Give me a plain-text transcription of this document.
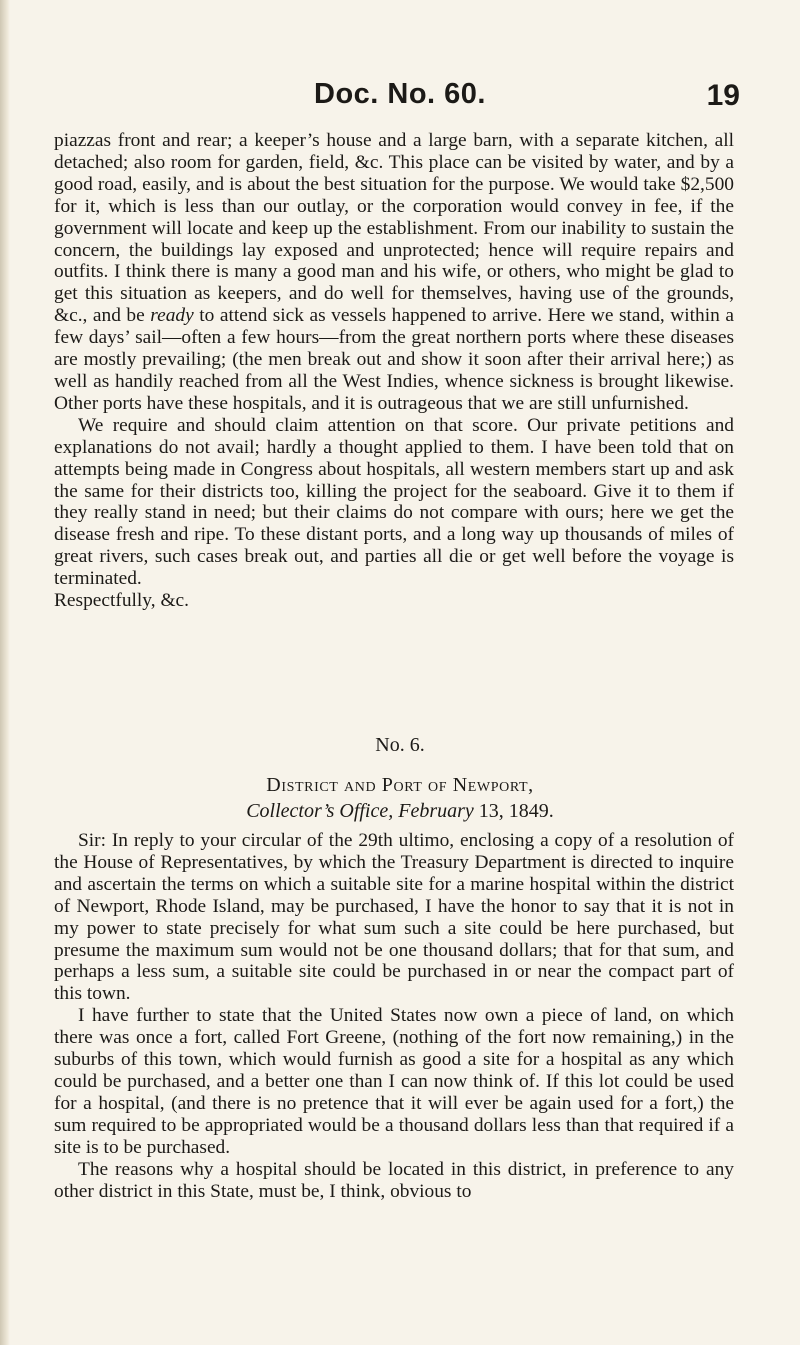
Doc. No. 60.	19

piazzas front and rear; a keeper’s house and a large barn, with a separate kitchen, all detached; also room for garden, field, &c. This place can be visited by water, and by a good road, easily, and is about the best situation for the purpose. We would take $2,500 for it, which is less than our outlay, or the corporation would convey in fee, if the government will locate and keep up the establishment. From our inability to sustain the concern, the buildings lay exposed and unprotected; hence will require repairs and outfits. I think there is many a good man and his wife, or others, who might be glad to get this situation as keepers, and do well for themselves, having use of the grounds, &c., and be ready to attend sick as vessels happened to arrive. Here we stand, within a few days’ sail—often a few hours—from the great northern ports where these diseases are mostly prevailing; (the men break out and show it soon after their arrival here;) as well as handily reached from all the West Indies, whence sickness is brought likewise. Other ports have these hospitals, and it is outrageous that we are still unfurnished.

We require and should claim attention on that score. Our private petitions and explanations do not avail; hardly a thought applied to them. I have been told that on attempts being made in Congress about hospitals, all western members start up and ask the same for their districts too, killing the project for the seaboard. Give it to them if they really stand in need; but their claims do not compare with ours; here we get the disease fresh and ripe. To these distant ports, and a long way up thousands of miles of great rivers, such cases break out, and parties all die or get well before the voyage is terminated.

Respectfully, &c.

No. 6.
District and Port of Newport,
Collector’s Office, February 13, 1849.

Sir: In reply to your circular of the 29th ultimo, enclosing a copy of a resolution of the House of Representatives, by which the Treasury Department is directed to inquire and ascertain the terms on which a suitable site for a marine hospital within the district of Newport, Rhode Island, may be purchased, I have the honor to say that it is not in my power to state precisely for what sum such a site could be here purchased, but presume the maximum sum would not be one thousand dollars; that for that sum, and perhaps a less sum, a suitable site could be purchased in or near the compact part of this town.

I have further to state that the United States now own a piece of land, on which there was once a fort, called Fort Greene, (nothing of the fort now remaining,) in the suburbs of this town, which would furnish as good a site for a hospital as any which could be purchased, and a better one than I can now think of. If this lot could be used for a hospital, (and there is no pretence that it will ever be again used for a fort,) the sum required to be appropriated would be a thousand dollars less than that required if a site is to be purchased.

The reasons why a hospital should be located in this district, in preference to any other district in this State, must be, I think, obvious to
